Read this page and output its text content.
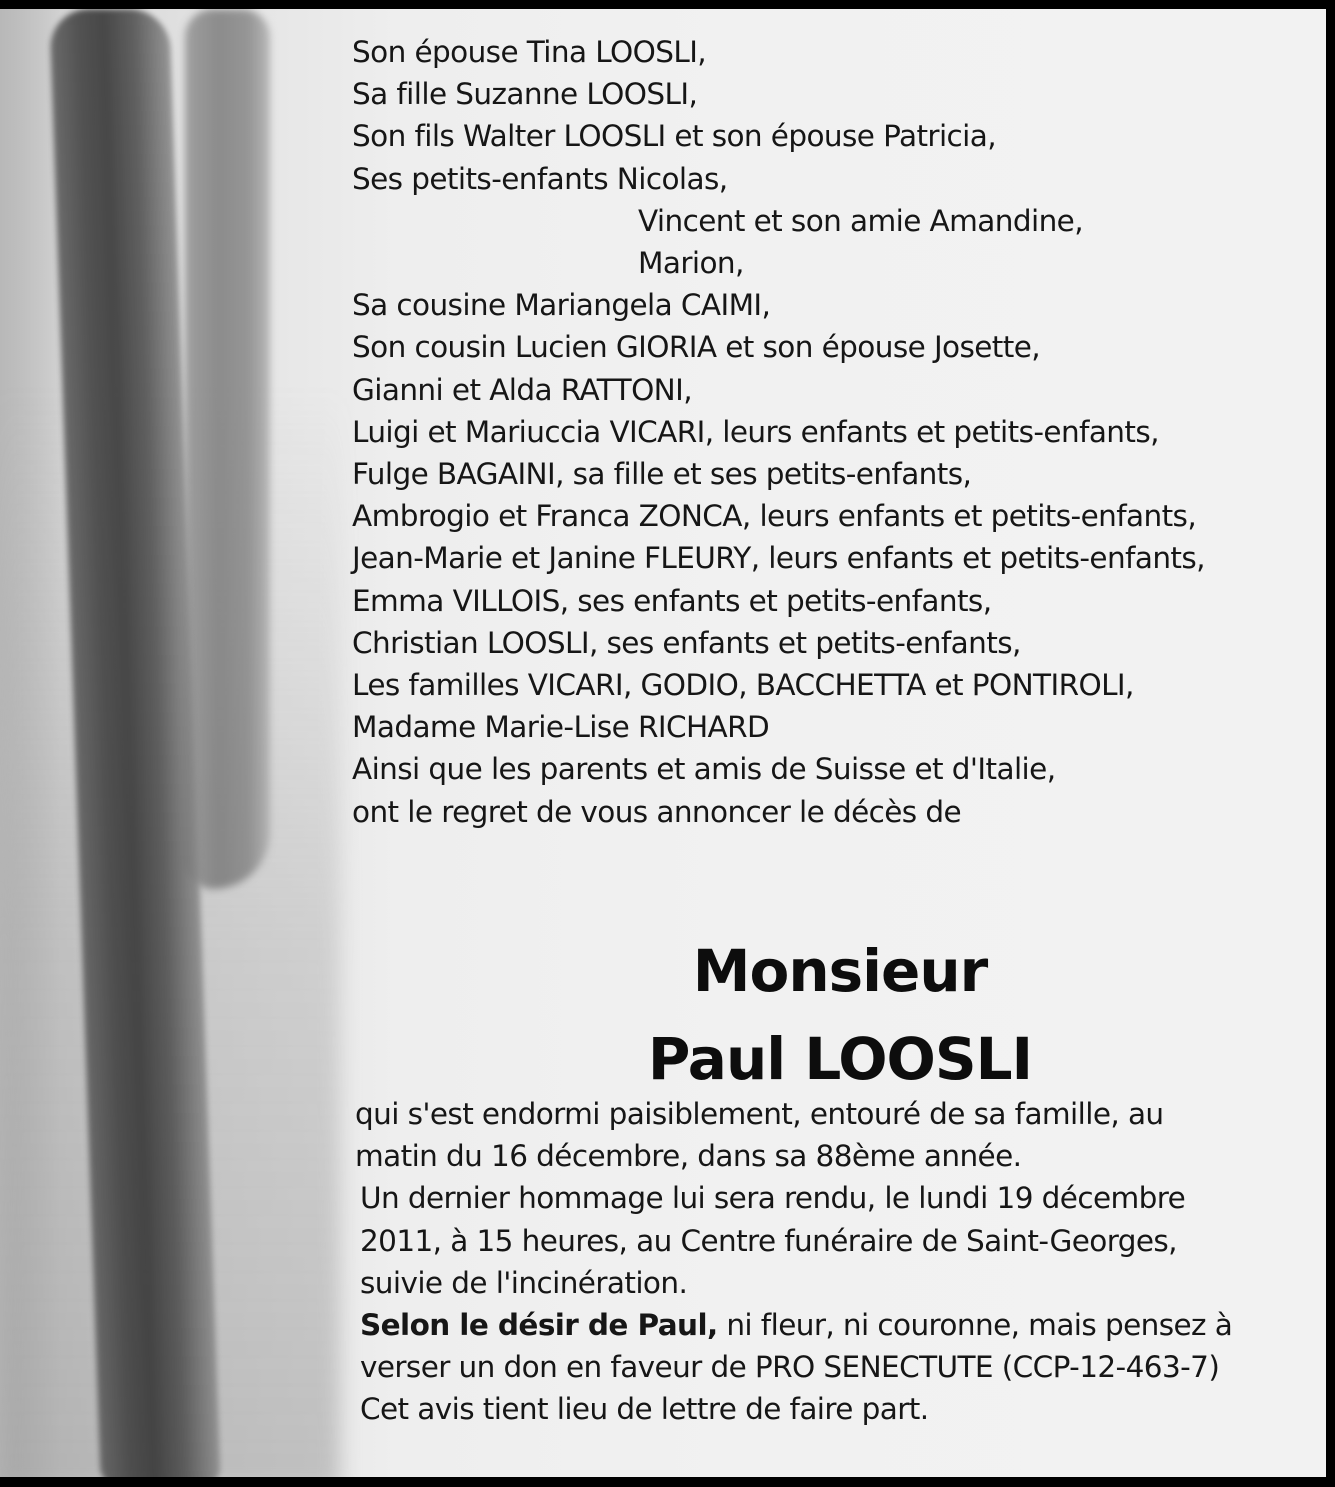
Son épouse Tina LOOSLI,
Sa fille Suzanne LOOSLI,
Son fils Walter LOOSLI et son épouse Patricia,
Ses petits-enfants Nicolas,
Vincent et son amie Amandine,
Marion,
Sa cousine Mariangela CAIMI,
Son cousin Lucien GIORIA et son épouse Josette,
Gianni et Alda RATTONI,
Luigi et Mariuccia VICARI, leurs enfants et petits-enfants,
Fulge BAGAINI, sa fille et ses petits-enfants,
Ambrogio et Franca ZONCA, leurs enfants et petits-enfants,
Jean-Marie et Janine FLEURY, leurs enfants et petits-enfants,
Emma VILLOIS, ses enfants et petits-enfants,
Christian LOOSLI, ses enfants et petits-enfants,
Les familles VICARI, GODIO, BACCHETTA et PONTIROLI,
Madame Marie-Lise RICHARD
Ainsi que les parents et amis de Suisse et d'Italie,
ont le regret de vous annoncer le décès de
Monsieur
Paul LOOSLI
qui s'est endormi paisiblement, entouré de sa famille, au
matin du 16 décembre, dans sa 88ème année.
Un dernier hommage lui sera rendu, le lundi 19 décembre
2011, à 15 heures, au Centre funéraire de Saint-Georges,
suivie de l'incinération.
Selon le désir de Paul, ni fleur, ni couronne, mais pensez à
verser un don en faveur de PRO SENECTUTE (CCP-12-463-7)
Cet avis tient lieu de lettre de faire part.
